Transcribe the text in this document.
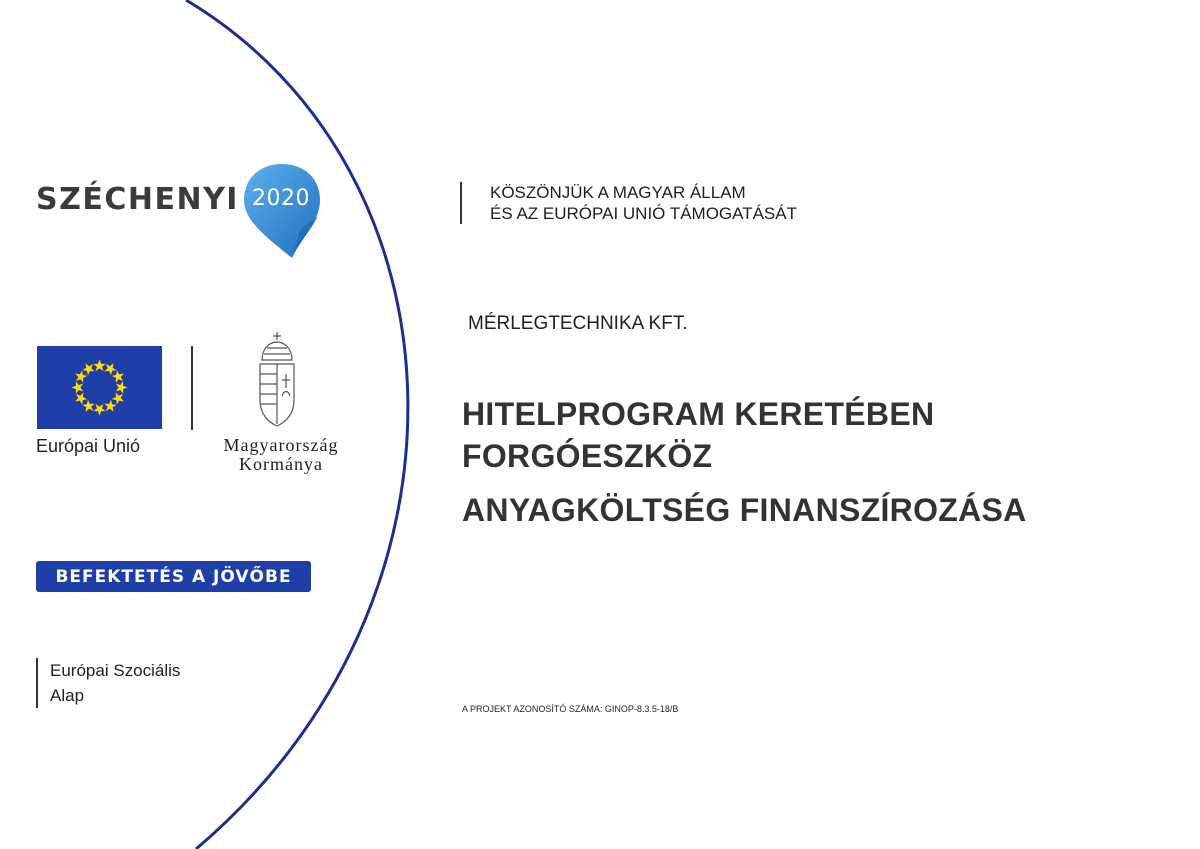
SZÉCHENYI 2020
Európai Unió	Magyarország
Kormánya
BEFEKTETÉS A JÖVŐBE
Európai Szociális
Alap
KÖSZÖNJÜK A MAGYAR ÁLLAM
ÉS AZ EURÓPAI UNIÓ TÁMOGATÁSÁT
MÉRLEGTECHNIKA KFT.
HITELPROGRAM KERETÉBEN
FORGÓESZKÖZ
ANYAGKÖLTSÉG FINANSZÍROZÁSA
A PROJEKT AZONOSÍTÓ SZÁMA: GINOP-8.3.5-18/B
